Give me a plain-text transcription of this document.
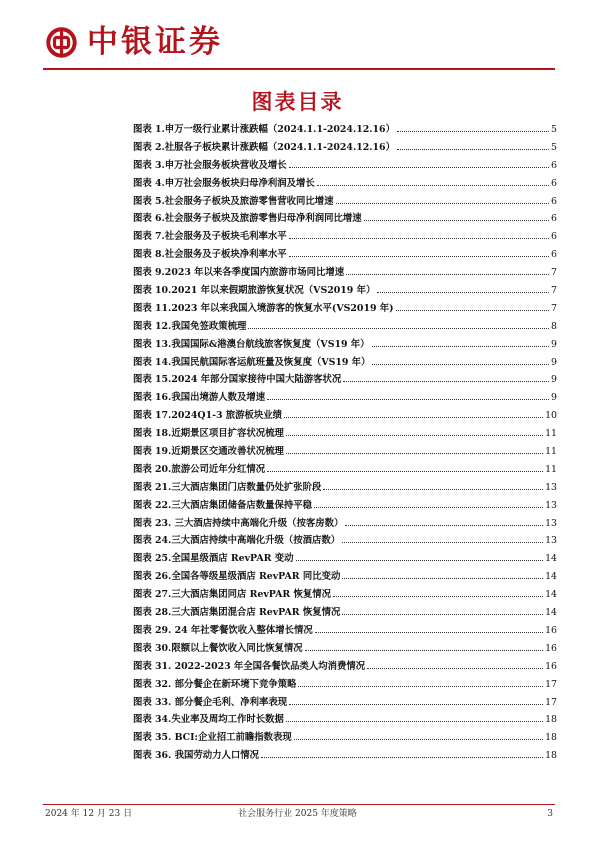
中银证券
图表目录
图表 1.申万一级行业累计涨跌幅（2024.1.1-2024.12.16）	5
图表 2.社服各子板块累计涨跌幅（2024.1.1-2024.12.16）	5
图表 3.申万社会服务板块营收及增长	6
图表 4.申万社会服务板块归母净利润及增长	6
图表 5.社会服务子板块及旅游零售营收同比增速	6
图表 6.社会服务子板块及旅游零售归母净利润同比增速	6
图表 7.社会服务及子板块毛利率水平	6
图表 8.社会服务及子板块净利率水平	6
图表 9.2023 年以来各季度国内旅游市场同比增速	7
图表 10.2021 年以来假期旅游恢复状况（VS2019 年）	7
图表 11.2023 年以来我国入境游客的恢复水平(VS2019 年)	7
图表 12.我国免签政策梳理	8
图表 13.我国国际&港澳台航线旅客恢复度（VS19 年）	9
图表 14.我国民航国际客运航班量及恢复度（VS19 年）	9
图表 15.2024 年部分国家接待中国大陆游客状况	9
图表 16.我国出境游人数及增速	9
图表 17.2024Q1-3 旅游板块业绩	10
图表 18.近期景区项目扩容状况梳理	11
图表 19.近期景区交通改善状况梳理	11
图表 20.旅游公司近年分红情况	11
图表 21.三大酒店集团门店数量仍处扩张阶段	13
图表 22.三大酒店集团储备店数量保持平稳	13
图表 23. 三大酒店持续中高端化升级（按客房数）	13
图表 24.三大酒店持续中高端化升级（按酒店数）	13
图表 25.全国星级酒店 RevPAR 变动	14
图表 26.全国各等级星级酒店 RevPAR 同比变动	14
图表 27.三大酒店集团同店 RevPAR 恢复情况	14
图表 28.三大酒店集团混合店 RevPAR 恢复情况	14
图表 29. 24 年社零餐饮收入整体增长情况	16
图表 30.限额以上餐饮收入同比恢复情况	16
图表 31. 2022-2023 年全国各餐饮品类人均消费情况	16
图表 32. 部分餐企在新环境下竞争策略	17
图表 33. 部分餐企毛利、净利率表现	17
图表 34.失业率及周均工作时长数据	18
图表 35. BCI:企业招工前瞻指数表现	18
图表 36. 我国劳动力人口情况	18
2024 年 12 月 23 日	社会服务行业 2025 年度策略	3
